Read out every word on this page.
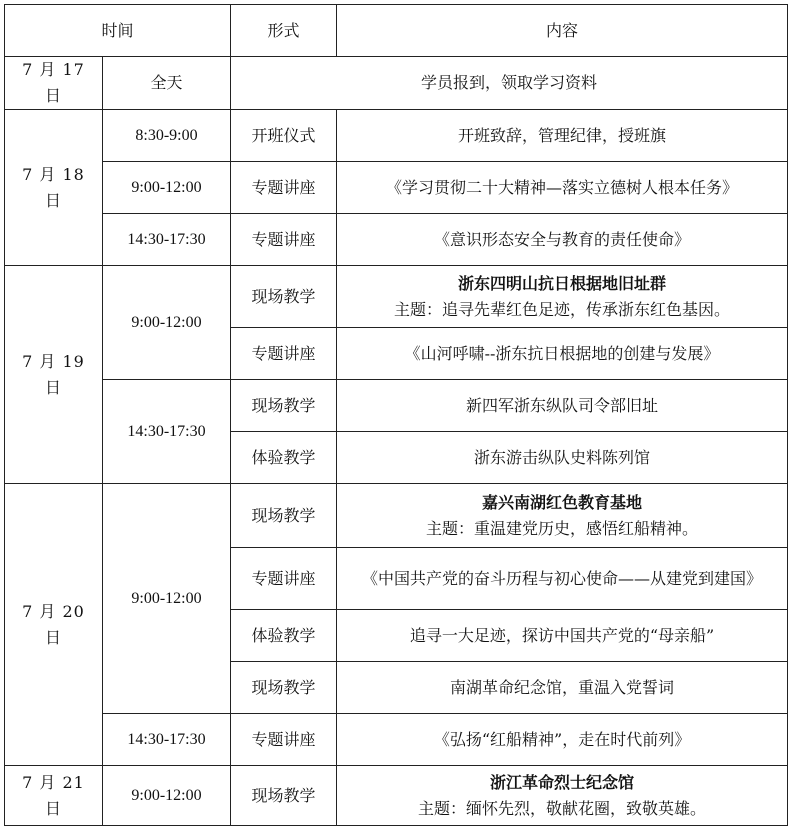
时间		形式	内容
7 月 17 日	全天	学员报到，领取学习资料	
7 月 18 日	8:30-9:00	开班仪式	开班致辞，管理纪律，授班旗
	9:00-12:00	专题讲座	《学习贯彻二十大精神—落实立德树人根本任务》
	14:30-17:30	专题讲座	《意识形态安全与教育的责任使命》
7 月 19 日	9:00-12:00	现场教学	浙东四明山抗日根据地旧址群
主题：追寻先辈红色足迹，传承浙东红色基因。

		专题讲座	《山河呼啸--浙东抗日根据地的创建与发展》
	14:30-17:30	现场教学	新四军浙东纵队司令部旧址
		体验教学	浙东游击纵队史料陈列馆
7 月 20 日	9:00-12:00	现场教学	嘉兴南湖红色教育基地
主题：重温建党历史，感悟红船精神。

		专题讲座	《中国共产党的奋斗历程与初心使命——从建党到建国》
		体验教学	追寻一大足迹，探访中国共产党的“母亲船”
		现场教学	南湖革命纪念馆，重温入党誓词
	14:30-17:30	专题讲座	《弘扬“红船精神”，走在时代前列》
7 月 21 日	9:00-12:00	现场教学	浙江革命烈士纪念馆
主题：缅怀先烈，敬献花圈，致敬英雄。
